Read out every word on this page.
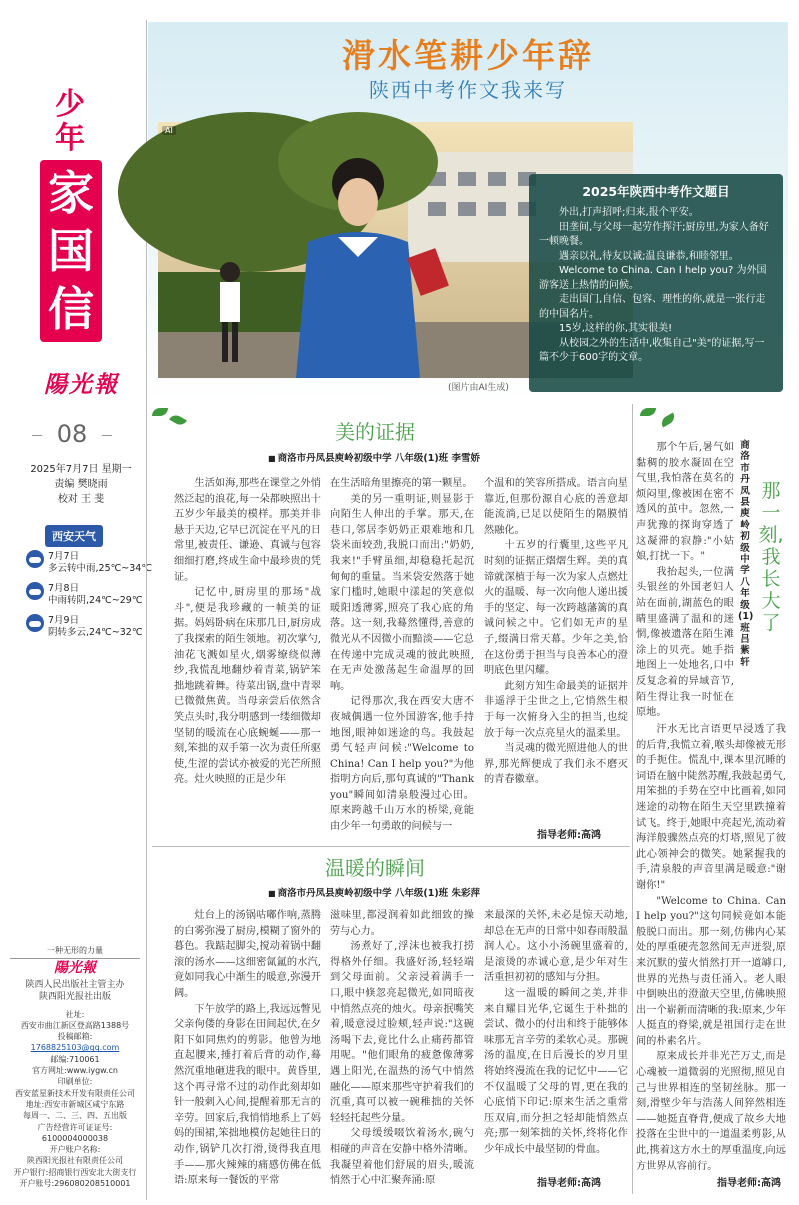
少年
家
国
信
陽光報
08
2025年7月7日 星期一
责编 樊晓雨
校对 王 斐
西安天气
7月7日
多云转中雨,25℃~34℃
7月8日
中雨转阴,24℃~29℃
7月9日
阴转多云,24℃~32℃
一种无形的力量
陽光報
陕西人民出版社主管主办
陕西阳光报社出版
社址:
西安市曲江新区登高路1388号
投稿邮箱:
1768825103@qq.com
邮编:710061
官方网址:www.iygw.cn
印刷单位:
西安蓝星新技术开发有限责任公司
地址:西安市新城区咸宁东路
每周一、二、三、四、五出版
广告经营许可证证号:
6100004000038
开户账户名称:
陕西阳光报社有限责任公司
开户银行:招商银行西安北大街支行
开户账号:296080208510001
滑水笔耕少年辞
陕西中考作文我来写
AI
(图片由AI生成)
2025年陕西中考作文题目

外出,打声招呼;归来,报个平安。

田垄间,与父母一起劳作挥汗;厨房里,为家人备好一顿晚餐。

遇亲以礼,待友以诚;温良谦恭,和睦邻里。

Welcome to China. Can I help you? 为外国游客送上热情的问候。

走出国门,自信、包容、理性的你,就是一张行走的中国名片。

15岁,这样的你,其实很美!

从校园之外的生活中,收集自己"美"的证据,写一篇不少于600字的文章。

美的证据
■ 商洛市丹凤县庾岭初级中学 八年级(1)班 李雪娇

生活如海,那些在课堂之外悄然泛起的浪花,每一朵都映照出十五岁少年最美的模样。那美并非悬于天边,它早已沉淀在平凡的日常里,被责任、谦逊、真诚与包容细细打磨,终成生命中最珍贵的凭证。

记忆中,厨房里的那场"战斗",便是我珍藏的一帧美的证据。妈妈卧病在床那几日,厨房成了我探索的陌生领地。初次掌勺,油花飞溅如星火,烟雾缭绕似薄纱,我慌乱地翻炒着青菜,锅铲笨拙地跳着舞。待菜出锅,盘中青翠已微微焦黄。当母亲尝后依然含笑点头时,我分明感到一缕细微却坚韧的暖流在心底蜿蜒——那一刻,笨拙的双手第一次为责任所驱使,生涩的尝试亦被爱的光芒所照亮。灶火映照的正是少年

在生活暗角里擦亮的第一颗星。

美的另一重明证,则显影于向陌生人伸出的手掌。那天,在巷口,邻居李奶奶正艰难地和几袋米面较劲,我脱口而出:"奶奶,我来!"手臂虽细,却稳稳托起沉甸甸的重量。当米袋安然落于她家门槛时,她眼中漾起的笑意似暖阳透薄雾,照亮了我心底的角落。这一刻,我蓦然懂得,善意的微光从不因微小而黯淡——它总在传递中完成灵魂的彼此映照,在无声处激荡起生命温厚的回响。

记得那次,我在西安大唐不夜城偶遇一位外国游客,他手持地图,眼神如迷途的鸟。我鼓起勇气轻声问候:"Welcome to China! Can I help you?"为他指明方向后,那句真诚的"Thank you"瞬间如清泉般漫过心田。原来跨越千山万水的桥梁,竟能由少年一句勇敢的问候与一

个温和的笑容所搭成。语言向星靠近,但那份源自心底的善意却能流淌,已足以使陌生的隔膜悄然融化。

十五岁的行囊里,这些平凡时刻的证据正熠熠生辉。美的真谛就深植于每一次为家人点燃灶火的温暖、每一次向他人递出援手的坚定、每一次跨越藩篱的真诚问候之中。它们如无声的星子,缀满日常天幕。少年之美,恰在这份勇于担当与良善本心的澄明底色里闪耀。

此刻方知生命最美的证据并非遥浮于尘世之上,它悄然生根于每一次俯身入尘的担当,也绽放于每一次点亮星火的温柔里。

当灵魂的微光照进他人的世界,那光辉便成了我们永不磨灭的青春徽章。

指导老师:高鸿
温暖的瞬间
■ 商洛市丹凤县庾岭初级中学 八年级(1)班 朱彩萍

灶台上的汤锅咕嘟作响,蒸腾的白雾弥漫了厨房,模糊了窗外的暮色。我踮起脚尖,搅动着锅中翻滚的汤水——这细密氤氲的水汽,竟如同我心中渐生的暖意,弥漫开阔。

下午放学的路上,我远远瞥见父亲佝偻的身影在田间起伏,在夕阳下如同焦灼的剪影。他曾为地直起腰来,捶打着后背的动作,蓦然沉重地砸进我的眼中。黄昏里,这个再寻常不过的动作此刻却如针一般刺入心间,提醒着那无言的辛劳。回家后,我悄悄地系上了妈妈的围裙,笨拙地模仿起她往日的动作,锅铲几次打滑,烫得我直甩手——那火辣辣的痛感仿佛在低语:原来每一餐饭的平常

滋味里,都浸润着如此细致的操劳与心力。

汤煮好了,浮沫也被我打捞得格外仔细。我盛好汤,轻轻端到父母面前。父亲浸着满手一口,眼中倏忽亮起微光,如同暗夜中悄然点亮的烛火。母亲抿嘴笑着,暖意浸过脸颊,轻声说:"这碗汤喝下去,竟比什么止痛药都管用呢。"他们眼角的疲惫像薄雾遇上阳光,在温热的汤气中悄然融化——原来那些守护着我们的沉重,真可以被一碗稚拙的关怀轻轻托起些分量。

父母缓缓啜饮着汤水,碗勺相碰的声音在安静中格外清晰。我凝望着他们舒展的眉头,暖流悄然于心中汇聚奔涌:原

来最深的关怀,未必是惊天动地,却总在无声的日常中如春雨般温润人心。这小小汤碗里盛着的,是滚烫的赤诚心意,是少年对生活重担初初的感知与分担。

这一温暖的瞬间之美,并非来自耀目光华,它诞生于朴拙的尝试、微小的付出和终于能够体味那无言辛劳的柔软心灵。那碗汤的温度,在日后漫长的岁月里将始终漫流在我的记忆中——它不仅温暖了父母的胃,更在我的心底悄下印记:原来生活之重常压双肩,而分担之轻却能悄然点亮;那一刻笨拙的关怀,终将化作少年成长中最坚韧的骨血。

指导老师:高鸿
商洛市丹凤县庾岭初级中学 八年级(1)班 吕紫轩
那一刻,我长大了

那个午后,暑气如黏稠的胶水凝固在空气里,我怕落在莫名的烦闷里,像被困在密不透风的茧中。忽然,一声犹豫的探询穿透了这凝滞的寂静:"小姑娘,打扰一下。"

我抬起头,一位满头银丝的外国老妇人站在面前,湖蓝色的眼睛里盛满了温和的迷惘,像被遗落在陌生滩涂上的贝壳。她手指地图上一处地名,口中反复念着的异域音节,陌生得让我一时怔在原地。

汗水无比言语更早浸透了我的后背,我慌立着,喉头却像被无形的手扼住。慌乱中,课本里沉睡的词语在脑中陡然苏醒,我鼓起勇气,用笨拙的手势在空中比画着,如同迷途的动物在陌生天空里跌撞着试飞。终于,她眼中亮起光,流动着海洋般骤然点亮的灯塔,照见了彼此心领神会的微笑。她紧握我的手,清泉般的声音里满是暖意:"谢谢你!"

"Welcome to China. Can I help you?"这句同候竟如本能般脱口而出。那一刻,仿佛内心某处的厚重硬壳忽然间无声迸裂,原来沉默的萤火悄然打开一道罅口,世界的光热与责任涌入。老人眼中倒映出的澄澈天空里,仿佛映照出一个崭新而清晰的我:原来,少年人挺直的脊梁,就是祖国行走在世间的朴素名片。

原来成长并非光芒万丈,而是心魂被一道微弱的光照彻,照见自己与世界相连的坚韧丝脉。那一刻,滑壁少年与浩荡人间猝然相连——她挺直脊背,便成了故乡大地投落在尘世中的一道温柔剪影,从此,携着这方水土的厚重温度,向远方世界从容前行。

指导老师:高鸿
